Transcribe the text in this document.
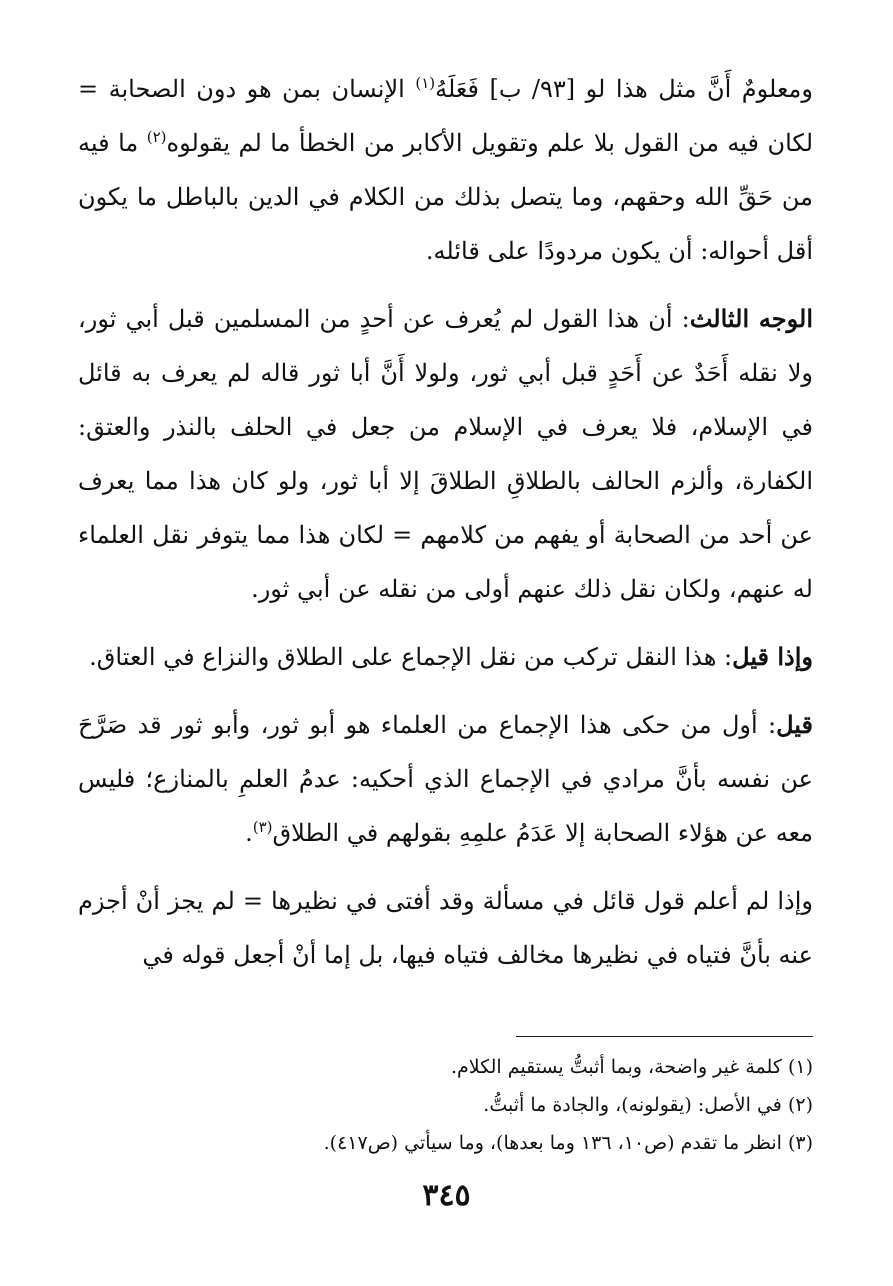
ومعلومٌ أَنَّ مثل هذا لو [٩٣/ ب] فَعَلَهُ$^{(١)}$ الإنسان بمن هو دون الصحابة = لكان فيه من القول بلا علم وتقويل الأكابر من الخطأ ما لم يقولوه$^{(٢)}$ ما فيه من حَقِّ الله وحقهم، وما يتصل بذلك من الكلام في الدين بالباطل ما يكون أقل أحواله: أن يكون مردودًا على قائله.

الوجه الثالث: أن هذا القول لم يُعرف عن أحدٍ من المسلمين قبل أبي ثور، ولا نقله أَحَدٌ عن أَحَدٍ قبل أبي ثور، ولولا أَنَّ أبا ثور قاله لم يعرف به قائل في الإسلام، فلا يعرف في الإسلام من جعل في الحلف بالنذر والعتق: الكفارة، وألزم الحالف بالطلاقِ الطلاقَ إلا أبا ثور، ولو كان هذا مما يعرف عن أحد من الصحابة أو يفهم من كلامهم = لكان هذا مما يتوفر نقل العلماء له عنهم، ولكان نقل ذلك عنهم أولى من نقله عن أبي ثور.

وإذا قيل: هذا النقل تركب من نقل الإجماع على الطلاق والنزاع في العتاق.

قيل: أول من حكى هذا الإجماع من العلماء هو أبو ثور، وأبو ثور قد صَرَّحَ عن نفسه بأنَّ مرادي في الإجماع الذي أحكيه: عدمُ العلمِ بالمنازع؛ فليس معه عن هؤلاء الصحابة إلا عَدَمُ علمِهِ بقولهم في الطلاق$^{(٣)}$.

وإذا لم أعلم قول قائل في مسألة وقد أفتى في نظيرها = لم يجز أنْ أجزم عنه بأنَّ فتياه في نظيرها مخالف فتياه فيها، بل إما أنْ أجعل قوله في

(١) كلمة غير واضحة، وبما أثبتُّ يستقيم الكلام.

(٢) في الأصل: (يقولونه)، والجادة ما أثبتُّ.

(٣) انظر ما تقدم (ص١٠، ١٣٦ وما بعدها)، وما سيأتي (ص٤١٧).

٣٤٥
